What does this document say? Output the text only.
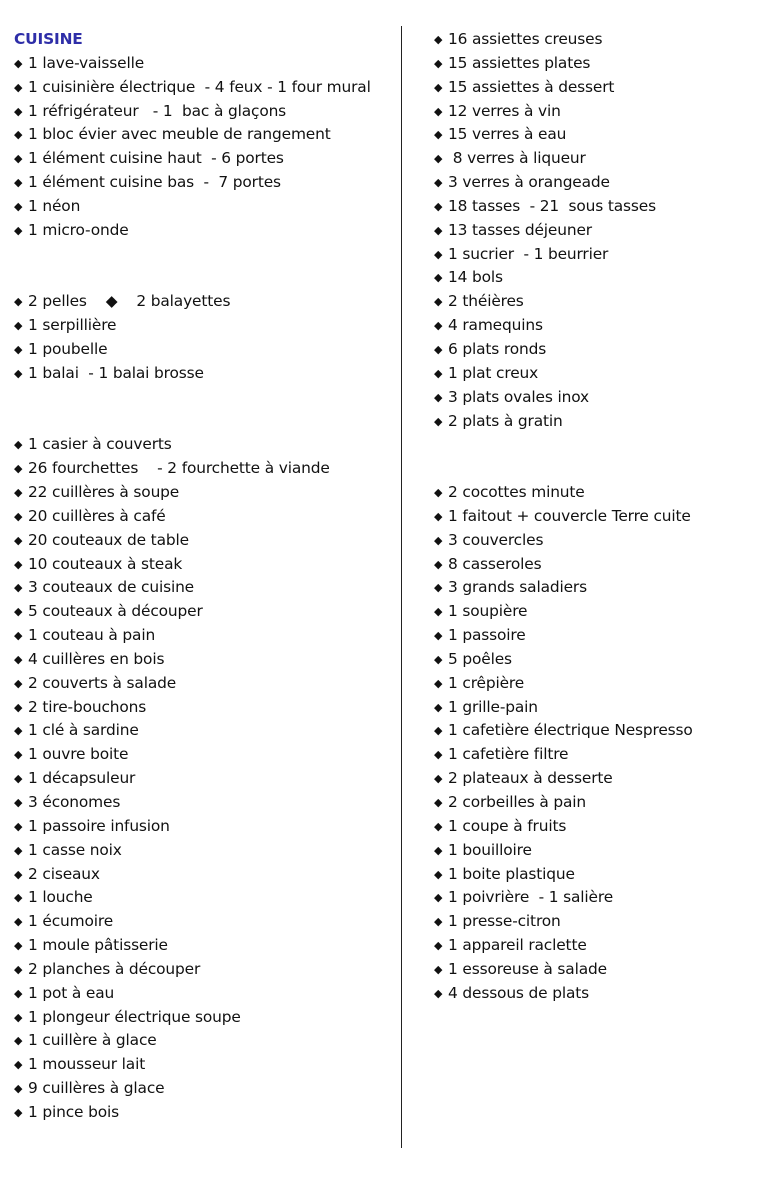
CUISINE
◆ 1 lave-vaisselle
◆ 1 cuisinière électrique  - 4 feux - 1 four mural
◆ 1 réfrigérateur   - 1  bac à glaçons
◆ 1 bloc évier avec meuble de rangement
◆ 1 élément cuisine haut  - 6 portes
◆ 1 élément cuisine bas  -  7 portes
◆ 1 néon
◆ 1 micro-onde
◆ 2 pelles    ◆    2 balayettes
◆ 1 serpillière
◆ 1 poubelle
◆ 1 balai  - 1 balai brosse
◆ 1 casier à couverts
◆ 26 fourchettes    - 2 fourchette à viande
◆ 22 cuillères à soupe
◆ 20 cuillères à café
◆ 20 couteaux de table
◆ 10 couteaux à steak
◆ 3 couteaux de cuisine
◆ 5 couteaux à découper
◆ 1 couteau à pain
◆ 4 cuillères en bois
◆ 2 couverts à salade
◆ 2 tire-bouchons
◆ 1 clé à sardine
◆ 1 ouvre boite
◆ 1 décapsuleur
◆ 3 économes
◆ 1 passoire infusion
◆ 1 casse noix
◆ 2 ciseaux
◆ 1 louche
◆ 1 écumoire
◆ 1 moule pâtisserie
◆ 2 planches à découper
◆ 1 pot à eau
◆ 1 plongeur électrique soupe
◆ 1 cuillère à glace
◆ 1 mousseur lait
◆ 9 cuillères à glace
◆ 1 pince bois
◆ 16 assiettes creuses
◆ 15 assiettes plates
◆ 15 assiettes à dessert
◆ 12 verres à vin
◆ 15 verres à eau
◆ 8 verres à liqueur
◆ 3 verres à orangeade
◆ 18 tasses  - 21  sous tasses
◆ 13 tasses déjeuner
◆ 1 sucrier  - 1 beurrier
◆ 14 bols
◆ 2 théières
◆ 4 ramequins
◆ 6 plats ronds
◆ 1 plat creux
◆ 3 plats ovales inox
◆ 2 plats à gratin
◆ 2 cocottes minute
◆ 1 faitout + couvercle Terre cuite
◆ 3 couvercles
◆ 8 casseroles
◆ 3 grands saladiers
◆ 1 soupière
◆ 1 passoire
◆ 5 poêles
◆ 1 crêpière
◆ 1 grille-pain
◆ 1 cafetière électrique Nespresso
◆ 1 cafetière filtre
◆ 2 plateaux à desserte
◆ 2 corbeilles à pain
◆ 1 coupe à fruits
◆ 1 bouilloire
◆ 1 boite plastique
◆ 1 poivrière  - 1 salière
◆ 1 presse-citron
◆ 1 appareil raclette
◆ 1 essoreuse à salade
◆ 4 dessous de plats
